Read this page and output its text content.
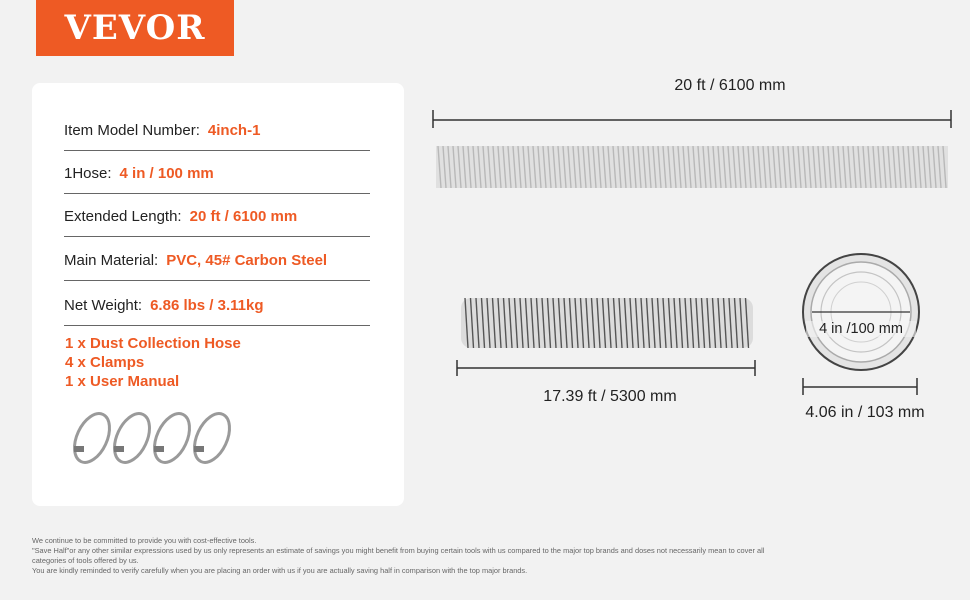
VEVOR
Item Model Number: 4inch-1
1Hose: 4 in / 100 mm
Extended Length: 20 ft / 6100 mm
Main Material: PVC, 45# Carbon Steel
Net Weight: 6.86 lbs / 3.11kg
1 x Dust Collection Hose
4 x Clamps
1 x User Manual
20 ft / 6100 mm
17.39 ft / 5300 mm
4 in /100 mm
4.06 in / 103 mm
We continue to be committed to provide you with cost-effective tools.
"Save Half"or any other similar expressions used by us only represents an estimate of savings you might benefit from buying certain tools with us compared to the major top brands and doses not necessarily mean to cover all
categories of tools offered by us.
You are kindly reminded to verify carefully when you are placing an order with us if you are actually saving half in comparison with the top major brands.
